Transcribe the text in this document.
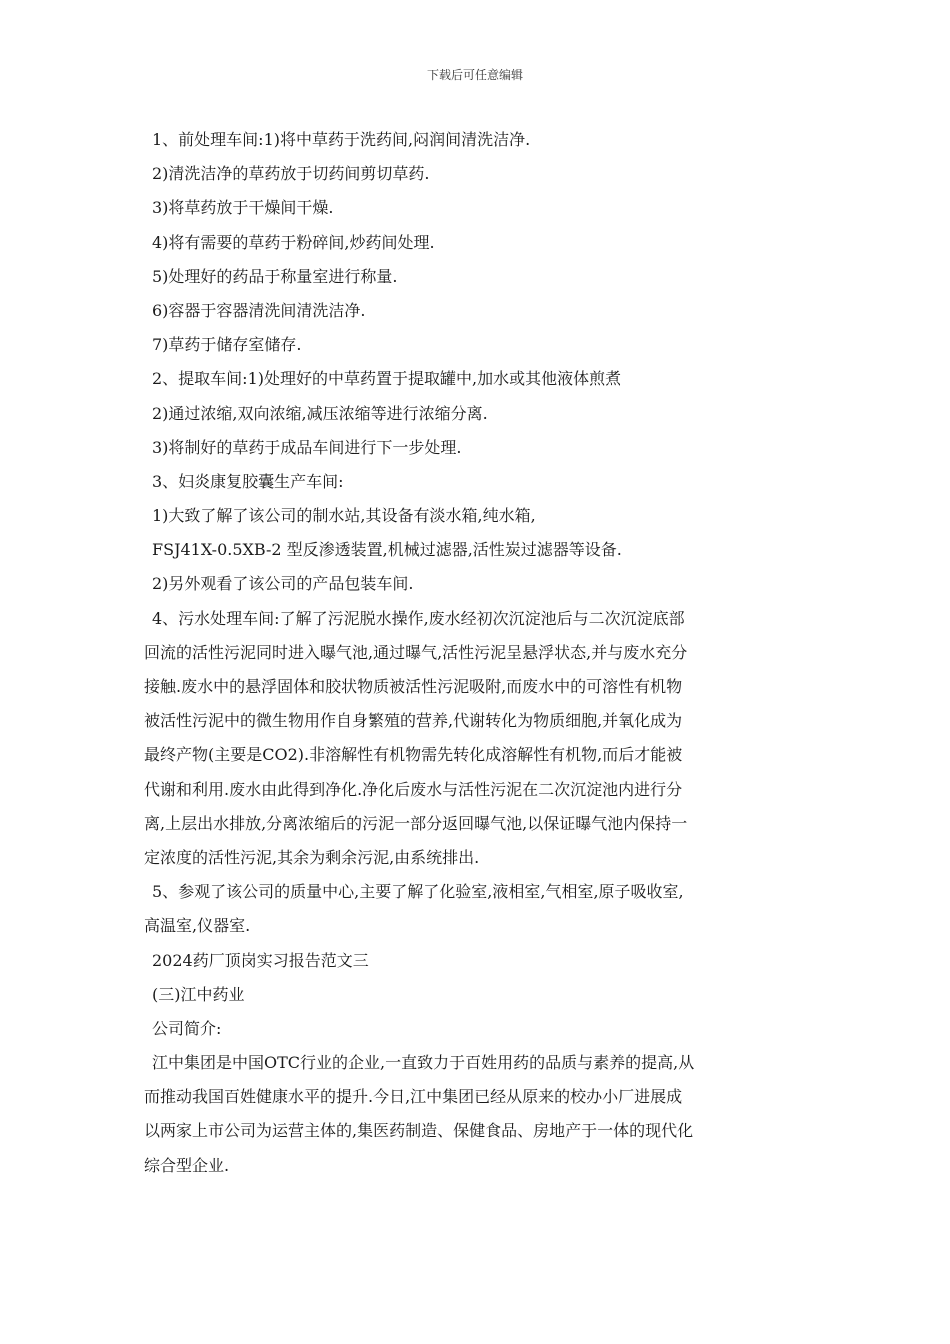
下载后可任意编辑
1、前处理车间:1)将中草药于洗药间,闷润间清洗洁净.
2)清洗洁净的草药放于切药间剪切草药.
3)将草药放于干燥间干燥.
4)将有需要的草药于粉碎间,炒药间处理.
5)处理好的药品于称量室进行称量.
6)容器于容器清洗间清洗洁净.
7)草药于储存室储存.
2、提取车间:1)处理好的中草药置于提取罐中,加水或其他液体煎煮
2)通过浓缩,双向浓缩,减压浓缩等进行浓缩分离.
3)将制好的草药于成品车间进行下一步处理.
3、妇炎康复胶囊生产车间:
1)大致了解了该公司的制水站,其设备有淡水箱,纯水箱,
FSJ41X-0.5XB-2 型反渗透装置,机械过滤器,活性炭过滤器等设备.
2)另外观看了该公司的产品包装车间.
4、污水处理车间:了解了污泥脱水操作,废水经初次沉淀池后与二次沉淀底部
回流的活性污泥同时进入曝气池,通过曝气,活性污泥呈悬浮状态,并与废水充分
接触.废水中的悬浮固体和胶状物质被活性污泥吸附,而废水中的可溶性有机物
被活性污泥中的微生物用作自身繁殖的营养,代谢转化为物质细胞,并氧化成为
最终产物(主要是CO2).非溶解性有机物需先转化成溶解性有机物,而后才能被
代谢和利用.废水由此得到净化.净化后废水与活性污泥在二次沉淀池内进行分
离,上层出水排放,分离浓缩后的污泥一部分返回曝气池,以保证曝气池内保持一
定浓度的活性污泥,其余为剩余污泥,由系统排出.
5、参观了该公司的质量中心,主要了解了化验室,液相室,气相室,原子吸收室,
高温室,仪器室.
2024药厂顶岗实习报告范文三
(三)江中药业
公司简介:
江中集团是中国OTC行业的企业,一直致力于百姓用药的品质与素养的提高,从
而推动我国百姓健康水平的提升.今日,江中集团已经从原来的校办小厂进展成
以两家上市公司为运营主体的,集医药制造、保健食品、房地产于一体的现代化
综合型企业.
